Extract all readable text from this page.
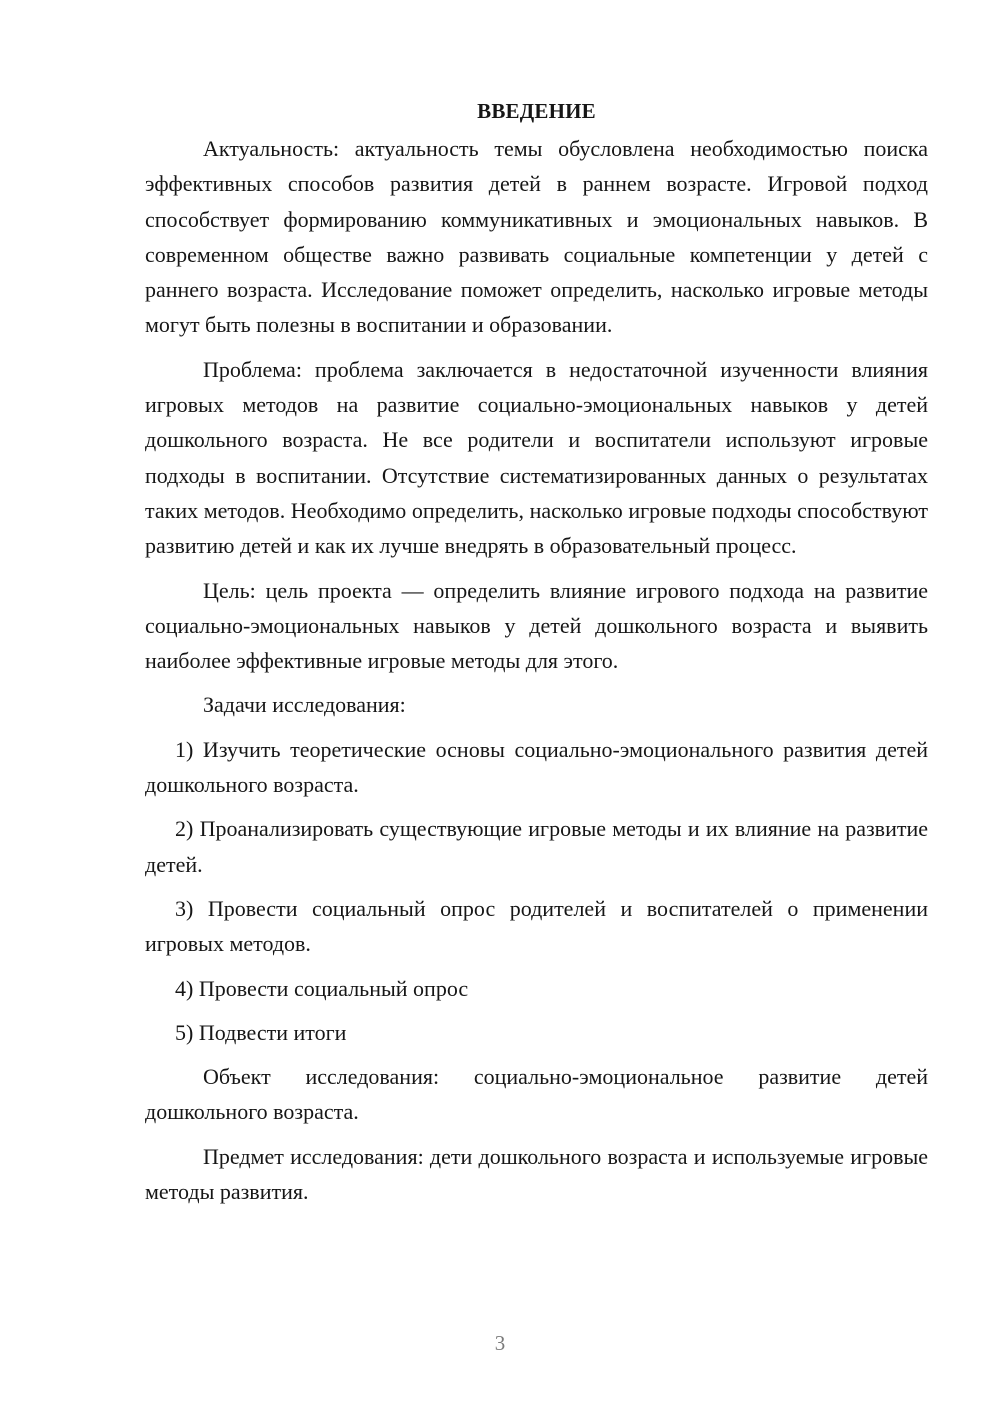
ВВЕДЕНИЕ

Актуальность: актуальность темы обусловлена необходимостью поиска эффективных способов развития детей в раннем возрасте. Игровой подход способствует формированию коммуникативных и эмоциональных навыков. В современном обществе важно развивать социальные компетенции у детей с раннего возраста. Исследование поможет определить, насколько игровые методы могут быть полезны в воспитании и образовании.

Проблема: проблема заключается в недостаточной изученности влияния игровых методов на развитие социально-эмоциональных навыков у детей дошкольного возраста. Не все родители и воспитатели используют игровые подходы в воспитании. Отсутствие систематизированных данных о результатах таких методов. Необходимо определить, насколько игровые подходы способствуют развитию детей и как их лучше внедрять в образовательный процесс.

Цель: цель проекта — определить влияние игрового подхода на развитие социально-эмоциональных навыков у детей дошкольного возраста и выявить наиболее эффективные игровые методы для этого.

Задачи исследования:

1) Изучить теоретические основы социально-эмоционального развития детей дошкольного возраста.

2) Проанализировать существующие игровые методы и их влияние на развитие детей.

3) Провести социальный опрос родителей и воспитателей о применении игровых методов.

4) Провести социальный опрос

5) Подвести итоги

Объект исследования: социально-эмоциональное развитие детей дошкольного возраста.

Предмет исследования: дети дошкольного возраста и используемые игровые методы развития.

3
